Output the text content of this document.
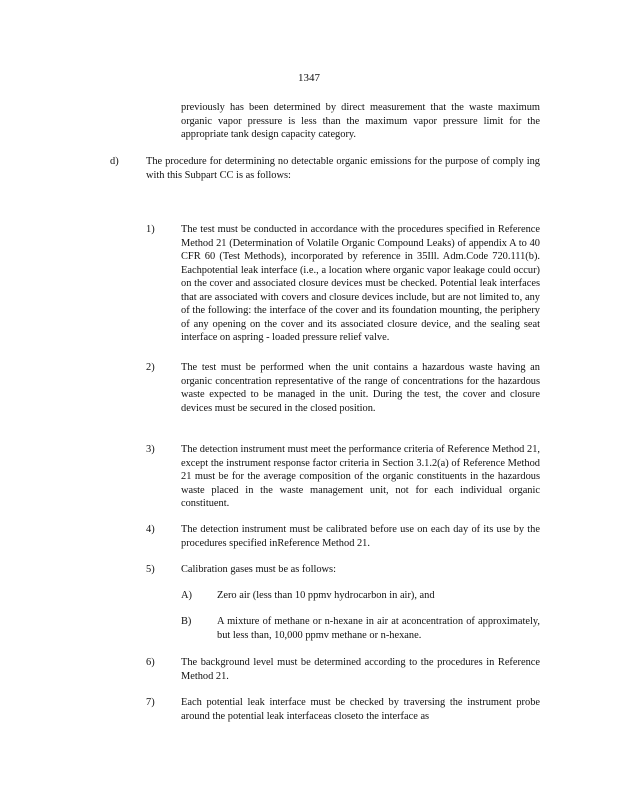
1347

previously has been determined by direct measurement that the waste maximum organic vapor pressure is less than the maximum vapor pressure limit for the appropriate tank design capacity category.

d)	The procedure for determining no detectable organic emissions for the purpose of comply ing with this Subpart CC is as follows:

1)	The test must be conducted in accordance with the procedures specified in Reference Method 21 (Determination of Volatile Organic Compound Leaks) of appendix A to 40 CFR 60 (Test Methods), incorporated by reference in 35Ill. Adm.Code 720.111(b). Eachpotential leak interface (i.e., a location where organic vapor leakage could occur) on the cover and associated closure devices must be checked. Potential leak interfaces that are associated with covers and closure devices include, but are not limited to, any of the following: the interface of the cover and its foundation mounting, the periphery of any opening on the cover and its associated closure device, and the sealing seat interface on aspring - loaded pressure relief valve.

2)	The test must be performed when the unit contains a hazardous waste having an organic concentration representative of the range of concentrations for the hazardous waste expected to be managed in the unit. During the test, the cover and closure devices must be secured in the closed position.

3)	The detection instrument must meet the performance criteria of Reference Method 21, except the instrument response factor criteria in Section 3.1.2(a) of Reference Method 21 must be for the average composition of the organic constituents in the hazardous waste placed in the waste management unit, not for each individual organic constituent.

4)	The detection instrument must be calibrated before use on each day of its use by the procedures specified inReference Method 21.

5)	Calibration gases must be as follows:

A) Zero air (less than 10 ppmv hydrocarbon in air), and

B) A mixture of methane or n-hexane in air at aconcentration of approximately, but less than, 10,000 ppmv methane or n-hexane.

6)	The background level must be determined according to the procedures in Reference Method 21.

7)	Each potential leak interface must be checked by traversing the instrument probe around the potential leak interfaceas closeto the interface as
